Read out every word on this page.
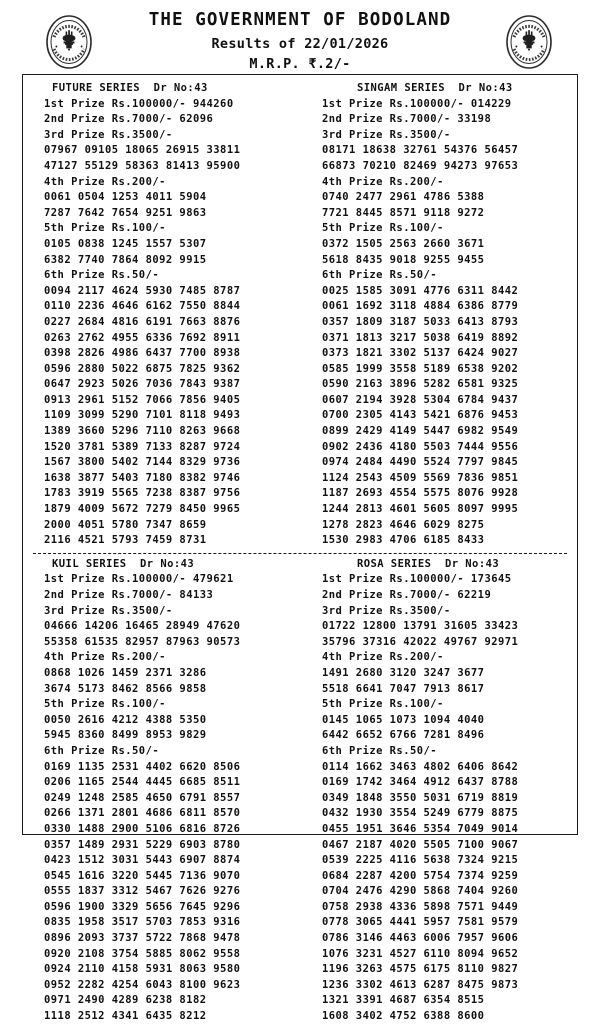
THE GOVERNMENT OF BODOLAND
Results of 22/01/2026
M.R.P. ₹.2/-
FUTURE SERIES  Dr No:43
1st Prize Rs.100000/- 944260
2nd Prize Rs.7000/- 62096
3rd Prize Rs.3500/-
07967 09105 18065 26915 33811
47127 55129 58363 81413 95900
4th Prize Rs.200/-
0061 0504 1253 4011 5904
7287 7642 7654 9251 9863
5th Prize Rs.100/-
0105 0838 1245 1557 5307
6382 7740 7864 8092 9915
6th Prize Rs.50/-
0094 2117 4624 5930 7485 8787
0110 2236 4646 6162 7550 8844
0227 2684 4816 6191 7663 8876
0263 2762 4955 6336 7692 8911
0398 2826 4986 6437 7700 8938
0596 2880 5022 6875 7825 9362
0647 2923 5026 7036 7843 9387
0913 2961 5152 7066 7856 9405
1109 3099 5290 7101 8118 9493
1389 3660 5296 7110 8263 9668
1520 3781 5389 7133 8287 9724
1567 3800 5402 7144 8329 9736
1638 3877 5403 7180 8382 9746
1783 3919 5565 7238 8387 9756
1879 4009 5672 7279 8450 9965
2000 4051 5780 7347 8659
2116 4521 5793 7459 8731
SINGAM SERIES  Dr No:43
1st Prize Rs.100000/- 014229
2nd Prize Rs.7000/- 33198
3rd Prize Rs.3500/-
08171 18638 32761 54376 56457
66873 70210 82469 94273 97653
4th Prize Rs.200/-
0740 2477 2961 4786 5388
7721 8445 8571 9118 9272
5th Prize Rs.100/-
0372 1505 2563 2660 3671
5618 8435 9018 9255 9455
6th Prize Rs.50/-
0025 1585 3091 4776 6311 8442
0061 1692 3118 4884 6386 8779
0357 1809 3187 5033 6413 8793
0371 1813 3217 5038 6419 8892
0373 1821 3302 5137 6424 9027
0585 1999 3558 5189 6538 9202
0590 2163 3896 5282 6581 9325
0607 2194 3928 5304 6784 9437
0700 2305 4143 5421 6876 9453
0899 2429 4149 5447 6982 9549
0902 2436 4180 5503 7444 9556
0974 2484 4490 5524 7797 9845
1124 2543 4509 5569 7836 9851
1187 2693 4554 5575 8076 9928
1244 2813 4601 5605 8097 9995
1278 2823 4646 6029 8275
1530 2983 4706 6185 8433
KUIL SERIES  Dr No:43
1st Prize Rs.100000/- 479621
2nd Prize Rs.7000/- 84133
3rd Prize Rs.3500/-
04666 14206 16465 28949 47620
55358 61535 82957 87963 90573
4th Prize Rs.200/-
0868 1026 1459 2371 3286
3674 5173 8462 8566 9858
5th Prize Rs.100/-
0050 2616 4212 4388 5350
5945 8360 8499 8953 9829
6th Prize Rs.50/-
0169 1135 2531 4402 6620 8506
0206 1165 2544 4445 6685 8511
0249 1248 2585 4650 6791 8557
0266 1371 2801 4686 6811 8570
0330 1488 2900 5106 6816 8726
0357 1489 2931 5229 6903 8780
0423 1512 3031 5443 6907 8874
0545 1616 3220 5445 7136 9070
0555 1837 3312 5467 7626 9276
0596 1900 3329 5656 7645 9296
0835 1958 3517 5703 7853 9316
0896 2093 3737 5722 7868 9478
0920 2108 3754 5885 8062 9558
0924 2110 4158 5931 8063 9580
0952 2282 4254 6043 8100 9623
0971 2490 4289 6238 8182
1118 2512 4341 6435 8212
ROSA SERIES  Dr No:43
1st Prize Rs.100000/- 173645
2nd Prize Rs.7000/- 62219
3rd Prize Rs.3500/-
01722 12800 13791 31605 33423
35796 37316 42022 49767 92971
4th Prize Rs.200/-
1491 2680 3120 3247 3677
5518 6641 7047 7913 8617
5th Prize Rs.100/-
0145 1065 1073 1094 4040
6442 6652 6766 7281 8496
6th Prize Rs.50/-
0114 1662 3463 4802 6406 8642
0169 1742 3464 4912 6437 8788
0349 1848 3550 5031 6719 8819
0432 1930 3554 5249 6779 8875
0455 1951 3646 5354 7049 9014
0467 2187 4020 5505 7100 9067
0539 2225 4116 5638 7324 9215
0684 2287 4200 5754 7374 9259
0704 2476 4290 5868 7404 9260
0758 2938 4336 5898 7571 9449
0778 3065 4441 5957 7581 9579
0786 3146 4463 6006 7957 9606
1076 3231 4527 6110 8094 9652
1196 3263 4575 6175 8110 9827
1236 3302 4613 6287 8475 9873
1321 3391 4687 6354 8515
1608 3402 4752 6388 8600
